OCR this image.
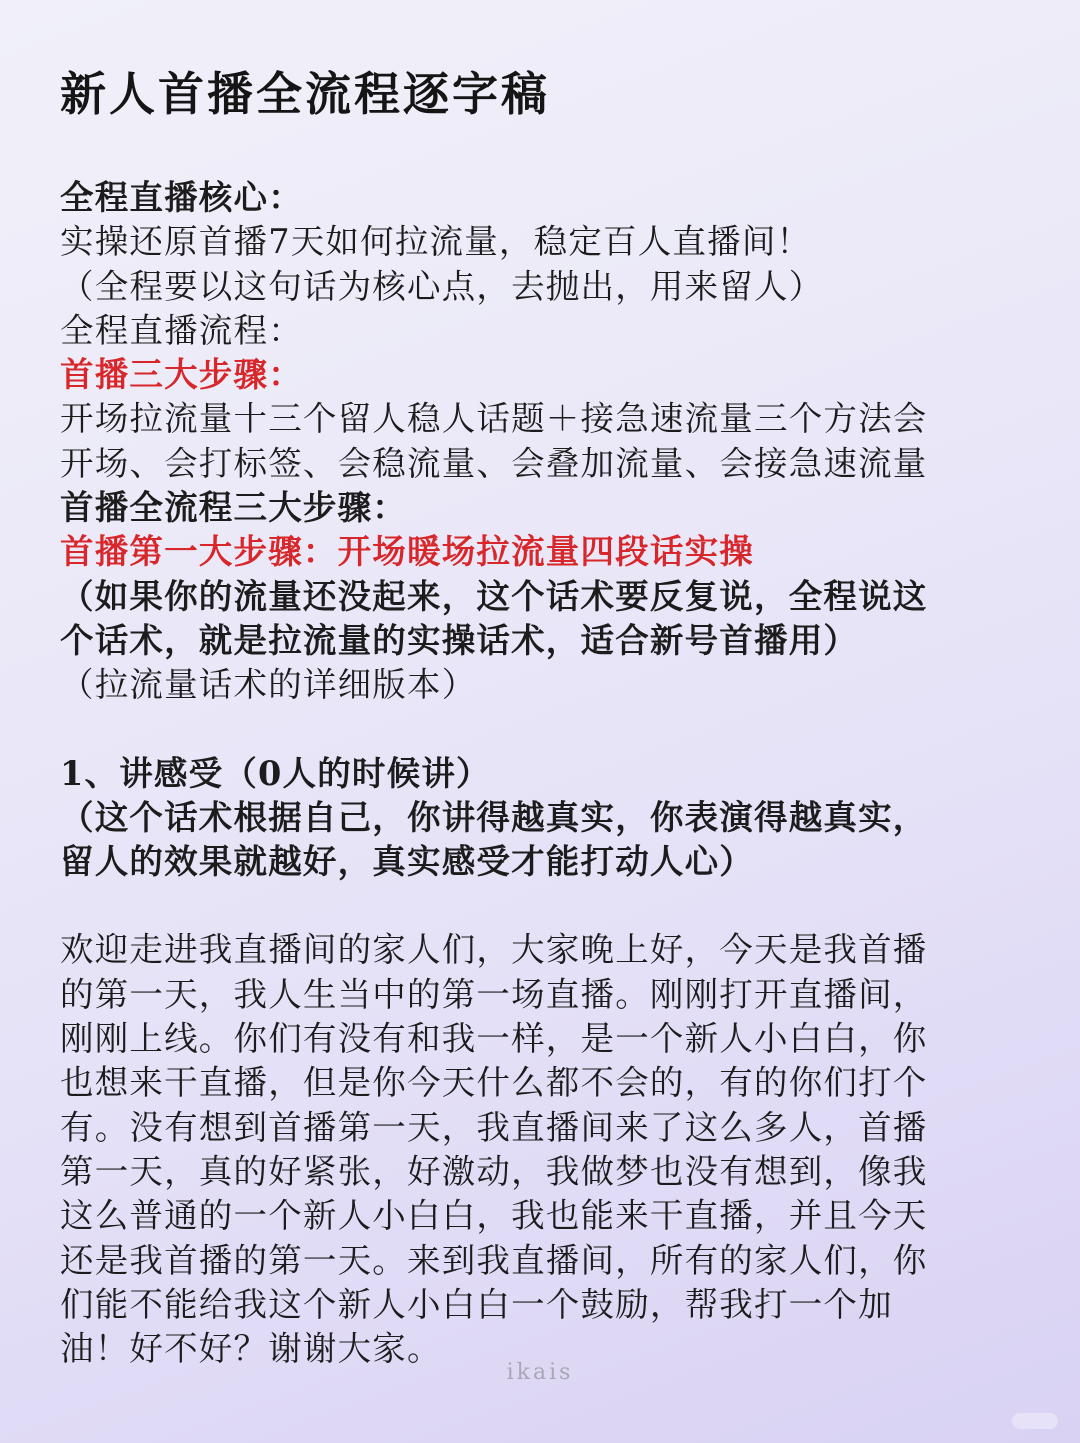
新人首播全流程逐字稿

全程直播核心：

实操还原首播7天如何拉流量，稳定百人直播间！

（全程要以这句话为核心点，去抛出，用来留人）

全程直播流程：

首播三大步骤：

开场拉流量十三个留人稳人话题＋接急速流量三个方法会

开场、会打标签、会稳流量、会叠加流量、会接急速流量

首播全流程三大步骤：

首播第一大步骤：开场暖场拉流量四段话实操

（如果你的流量还没起来，这个话术要反复说，全程说这

个话术，就是拉流量的实操话术，适合新号首播用）

（拉流量话术的详细版本）

1、讲感受（0人的时候讲）

（这个话术根据自己，你讲得越真实，你表演得越真实，

留人的效果就越好，真实感受才能打动人心）

欢迎走进我直播间的家人们，大家晚上好，今天是我首播

的第一天，我人生当中的第一场直播。刚刚打开直播间，

刚刚上线。你们有没有和我一样，是一个新人小白白，你

也想来干直播，但是你今天什么都不会的，有的你们打个

有。没有想到首播第一天，我直播间来了这么多人，首播

第一天，真的好紧张，好激动，我做梦也没有想到，像我

这么普通的一个新人小白白，我也能来干直播，并且今天

还是我首播的第一天。来到我直播间，所有的家人们，你

们能不能给我这个新人小白白一个鼓励，帮我打一个加

油！好不好？谢谢大家。

ikais
